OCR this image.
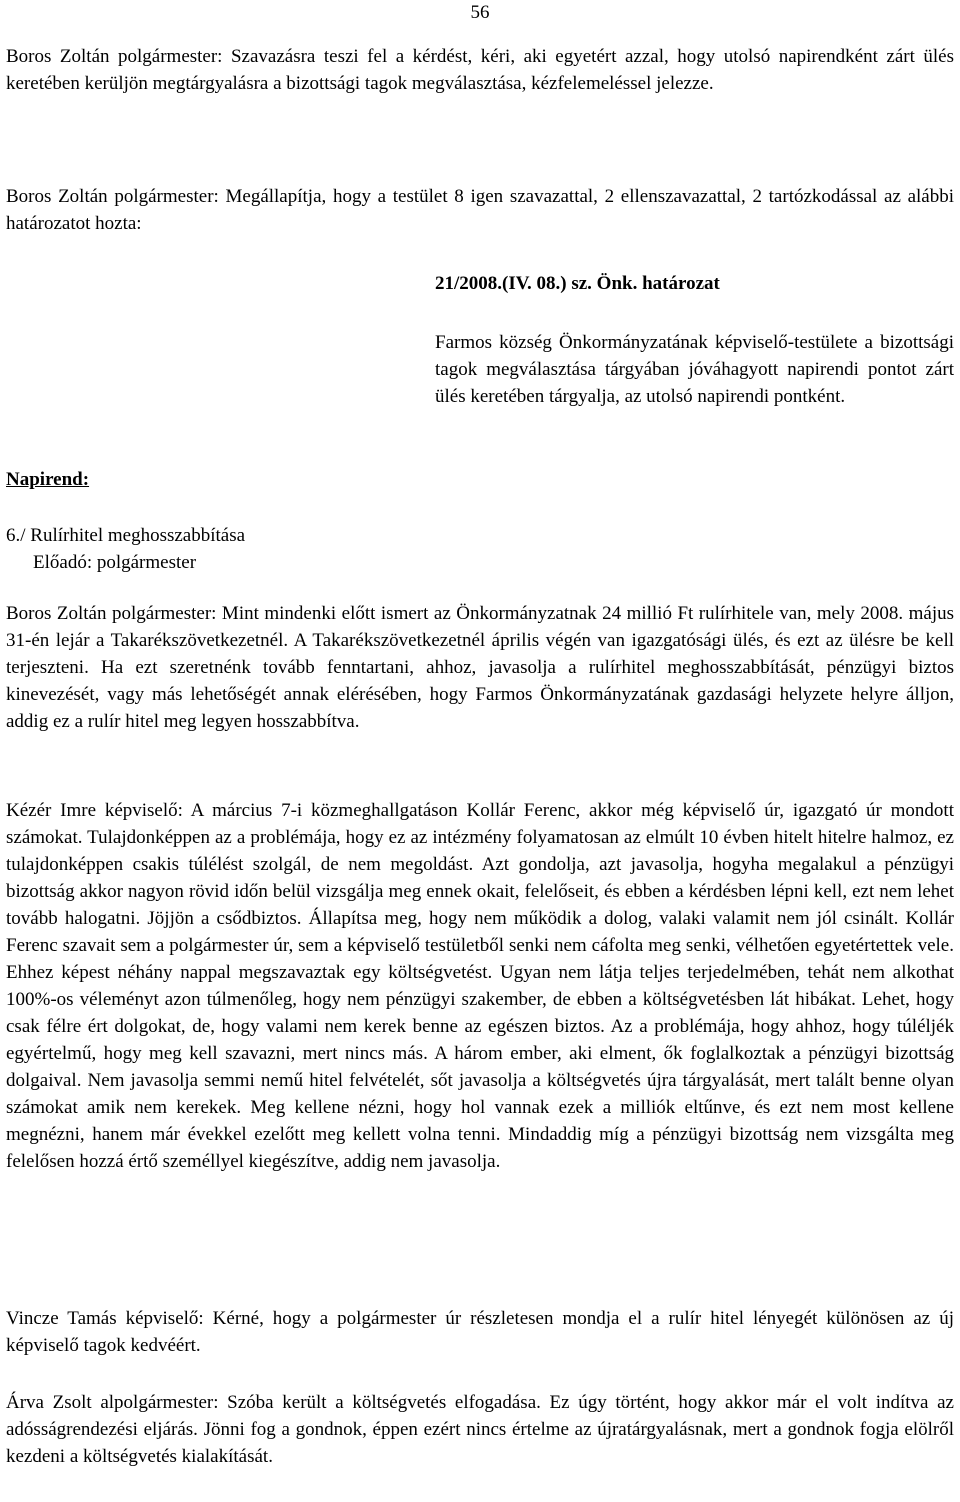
56
Boros Zoltán polgármester: Szavazásra teszi fel a kérdést, kéri, aki egyetért azzal, hogy utolsó napirendként zárt ülés keretében kerüljön megtárgyalásra a bizottsági tagok megválasztása, kézfelemeléssel jelezze.
Boros Zoltán polgármester: Megállapítja, hogy a testület 8 igen szavazattal, 2 ellenszavazattal, 2 tartózkodással az alábbi határozatot hozta:
21/2008.(IV. 08.) sz. Önk. határozat
Farmos község Önkormányzatának képviselő-testülete a bizottsági tagok megválasztása tárgyában jóváhagyott napirendi pontot zárt ülés keretében tárgyalja, az utolsó napirendi pontként.
Napirend:
6./ Rulírhitel meghosszabbítása
Előadó: polgármester
Boros Zoltán polgármester: Mint mindenki előtt ismert az Önkormányzatnak 24 millió Ft rulírhitele van, mely 2008. május 31-én lejár a Takarékszövetkezetnél. A Takarékszövetkezetnél április végén van igazgatósági ülés, és ezt az ülésre be kell terjeszteni. Ha ezt szeretnénk tovább fenntartani, ahhoz, javasolja a rulírhitel meghosszabbítását, pénzügyi biztos kinevezését, vagy más lehetőségét annak elérésében, hogy Farmos Önkormányzatának gazdasági helyzete helyre álljon, addig ez a rulír hitel meg legyen hosszabbítva.
Kézér Imre képviselő: A március 7-i közmeghallgatáson Kollár Ferenc, akkor még képviselő úr, igazgató úr mondott számokat. Tulajdonképpen az a problémája, hogy ez az intézmény folyamatosan az elmúlt 10 évben hitelt hitelre halmoz, ez tulajdonképpen csakis túlélést szolgál, de nem megoldást. Azt gondolja, azt javasolja, hogyha megalakul a pénzügyi bizottság akkor nagyon rövid időn belül vizsgálja meg ennek okait, felelőseit, és ebben a kérdésben lépni kell, ezt nem lehet tovább halogatni. Jöjjön a csődbiztos. Állapítsa meg, hogy nem működik a dolog, valaki valamit nem jól csinált. Kollár Ferenc szavait sem a polgármester úr, sem a képviselő testületből senki nem cáfolta meg senki, vélhetően egyetértettek vele. Ehhez képest néhány nappal megszavaztak egy költségvetést. Ugyan nem látja teljes terjedelmében, tehát nem alkothat 100%-os véleményt azon túlmenőleg, hogy nem pénzügyi szakember, de ebben a költségvetésben lát hibákat. Lehet, hogy csak félre ért dolgokat, de, hogy valami nem kerek benne az egészen biztos. Az a problémája, hogy ahhoz, hogy túléljék egyértelmű, hogy meg kell szavazni, mert nincs más. A három ember, aki elment, ők foglalkoztak a pénzügyi bizottság dolgaival. Nem javasolja semmi nemű hitel felvételét, sőt javasolja a költségvetés újra tárgyalását, mert talált benne olyan számokat amik nem kerekek. Meg kellene nézni, hogy hol vannak ezek a milliók eltűnve, és ezt nem most kellene megnézni, hanem már évekkel ezelőtt meg kellett volna tenni. Mindaddig míg a pénzügyi bizottság nem vizsgálta meg felelősen hozzá értő személlyel kiegészítve, addig nem javasolja.
Vincze Tamás képviselő: Kérné, hogy a polgármester úr részletesen mondja el a rulír hitel lényegét különösen az új képviselő tagok kedvéért.
Árva Zsolt alpolgármester: Szóba került a költségvetés elfogadása. Ez úgy történt, hogy akkor már el volt indítva az adósságrendezési eljárás. Jönni fog a gondnok, éppen ezért nincs értelme az újratárgyalásnak, mert a gondnok fogja elölről kezdeni a költségvetés kialakítását.
